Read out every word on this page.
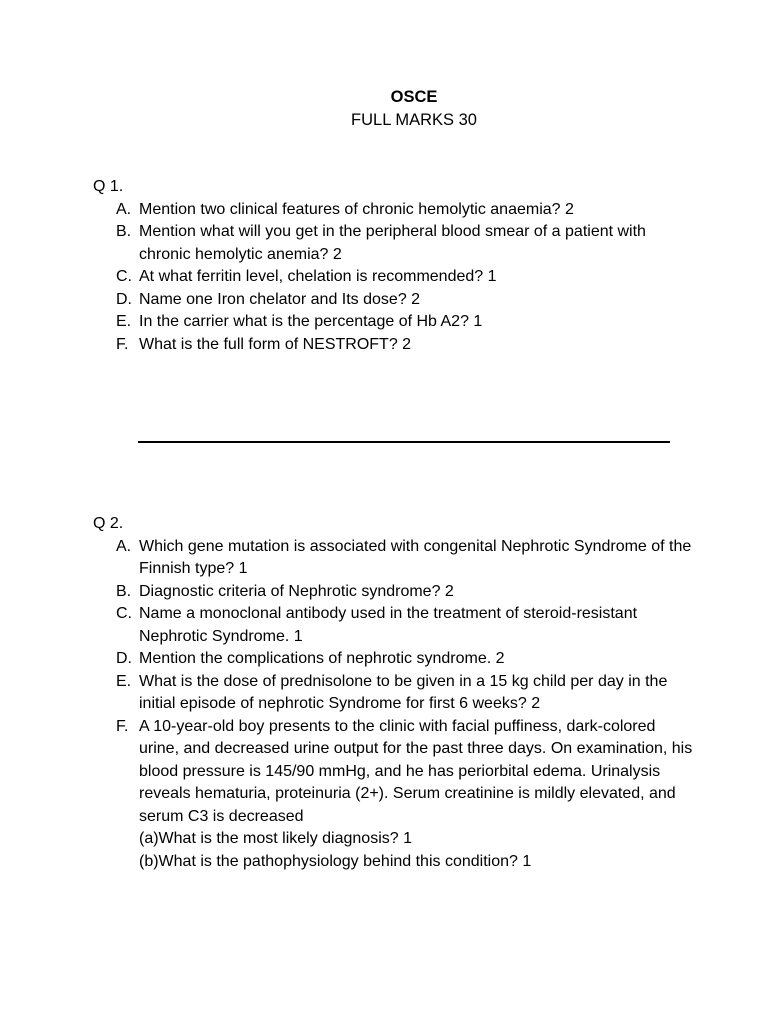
OSCE
FULL MARKS 30
Q 1.
A. Mention two clinical features of chronic hemolytic anaemia? 2
B. Mention what will you get in the peripheral blood smear of a patient with chronic hemolytic anemia? 2
C. At what ferritin level, chelation is recommended? 1
D. Name one Iron chelator and Its dose? 2
E. In the carrier what is the percentage of Hb A2? 1
F. What is the full form of NESTROFT? 2
Q 2.
A. Which gene mutation is associated with congenital Nephrotic Syndrome of the Finnish type? 1
B. Diagnostic criteria of Nephrotic syndrome? 2
C. Name a monoclonal antibody used in the treatment of steroid-resistant Nephrotic Syndrome. 1
D. Mention the complications of nephrotic syndrome. 2
E. What is the dose of prednisolone to be given in a 15 kg child per day in the initial episode of nephrotic Syndrome for first 6 weeks? 2
F. A 10-year-old boy presents to the clinic with facial puffiness, dark-colored urine, and decreased urine output for the past three days. On examination, his blood pressure is 145/90 mmHg, and he has periorbital edema. Urinalysis reveals hematuria, proteinuria (2+). Serum creatinine is mildly elevated, and serum C3 is decreased
(a)What is the most likely diagnosis? 1
(b)What is the pathophysiology behind this condition? 1
